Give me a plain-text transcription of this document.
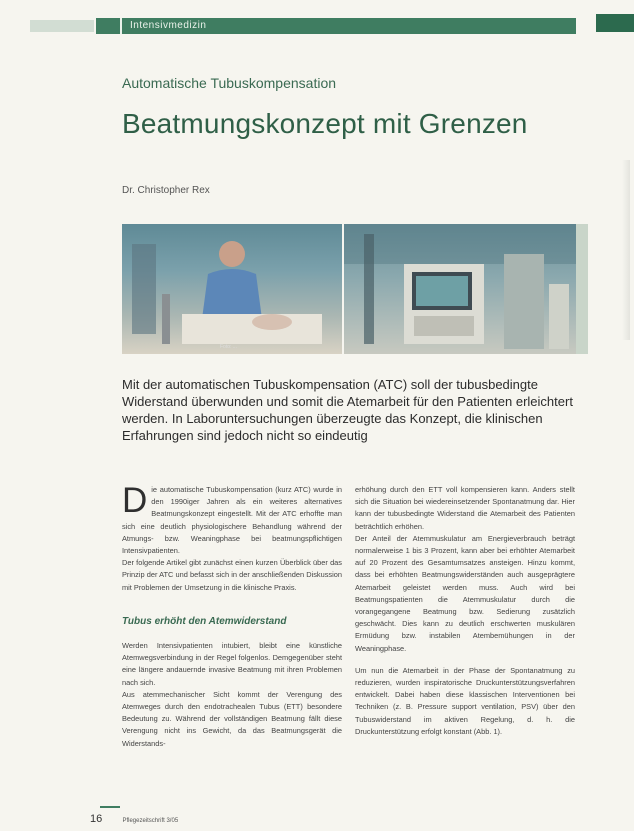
Intensivmedizin
Automatische Tubuskompensation
Beatmungskonzept mit Grenzen
Dr. Christopher Rex
Foto: ...
Mit der automatischen Tubuskompensation (ATC) soll der tubusbedingte Widerstand überwunden und somit die Atemarbeit für den Patienten erleichtert werden. In Laboruntersuchungen überzeugte das Konzept, die klinischen Erfahrungen sind jedoch nicht so eindeutig
D ie automatische Tubuskompensation (kurz ATC) wurde in den 1990iger Jahren als ein weiteres alternatives Beatmungskonzept eingestellt. Mit der ATC erhoffte man sich eine deutlich physiologischere Behandlung während der Atmungs- bzw. Weaningphase bei beatmungspflichtigen Intensivpatienten.

Der folgende Artikel gibt zunächst einen kurzen Überblick über das Prinzip der ATC und befasst sich in der anschließenden Diskussion mit Problemen der Umsetzung in die klinische Praxis.

Tubus erhöht den Atemwiderstand

Werden Intensivpatienten intubiert, bleibt eine künstliche Atemwegsverbindung in der Regel folgenlos. Demgegenüber steht eine längere andauernde invasive Beatmung mit ihren Problemen nach sich.

Aus atemmechanischer Sicht kommt der Verengung des Atemweges durch den endotrachealen Tubus (ETT) besondere Bedeutung zu. Während der vollständigen Beatmung fällt diese Verengung nicht ins Gewicht, da das Beatmungsgerät die Widerstands-

erhöhung durch den ETT voll kompensieren kann. Anders stellt sich die Situation bei wiedereinsetzender Spontanatmung dar. Hier kann der tubusbedingte Widerstand die Atemarbeit des Patienten beträchtlich erhöhen.

Der Anteil der Atemmuskulatur am Energieverbrauch beträgt normalerweise 1 bis 3 Prozent, kann aber bei erhöhter Atemarbeit auf 20 Prozent des Gesamtumsatzes ansteigen. Hinzu kommt, dass bei erhöhten Beatmungswiderständen auch ausgeprägtere Atemarbeit geleistet werden muss. Auch wird bei Beatmungspatienten die Atemmuskulatur durch die vorangegangene Beatmung bzw. Sedierung zusätzlich geschwächt. Dies kann zu deutlich erschwerten muskulären Ermüdung bzw. instabilen Atembemühungen in der Weaningphase.

Um nun die Atemarbeit in der Phase der Spontanatmung zu reduzieren, wurden inspiratorische Druckunterstützungsverfahren entwickelt. Dabei haben diese klassischen Interventionen bei Techniken (z. B. Pressure support ventilation, PSV) über den Tubuswiderstand im aktiven Regelung, d. h. die Druckunterstützung erfolgt konstant (Abb. 1).

16	Pflegezeitschrift 3/05
